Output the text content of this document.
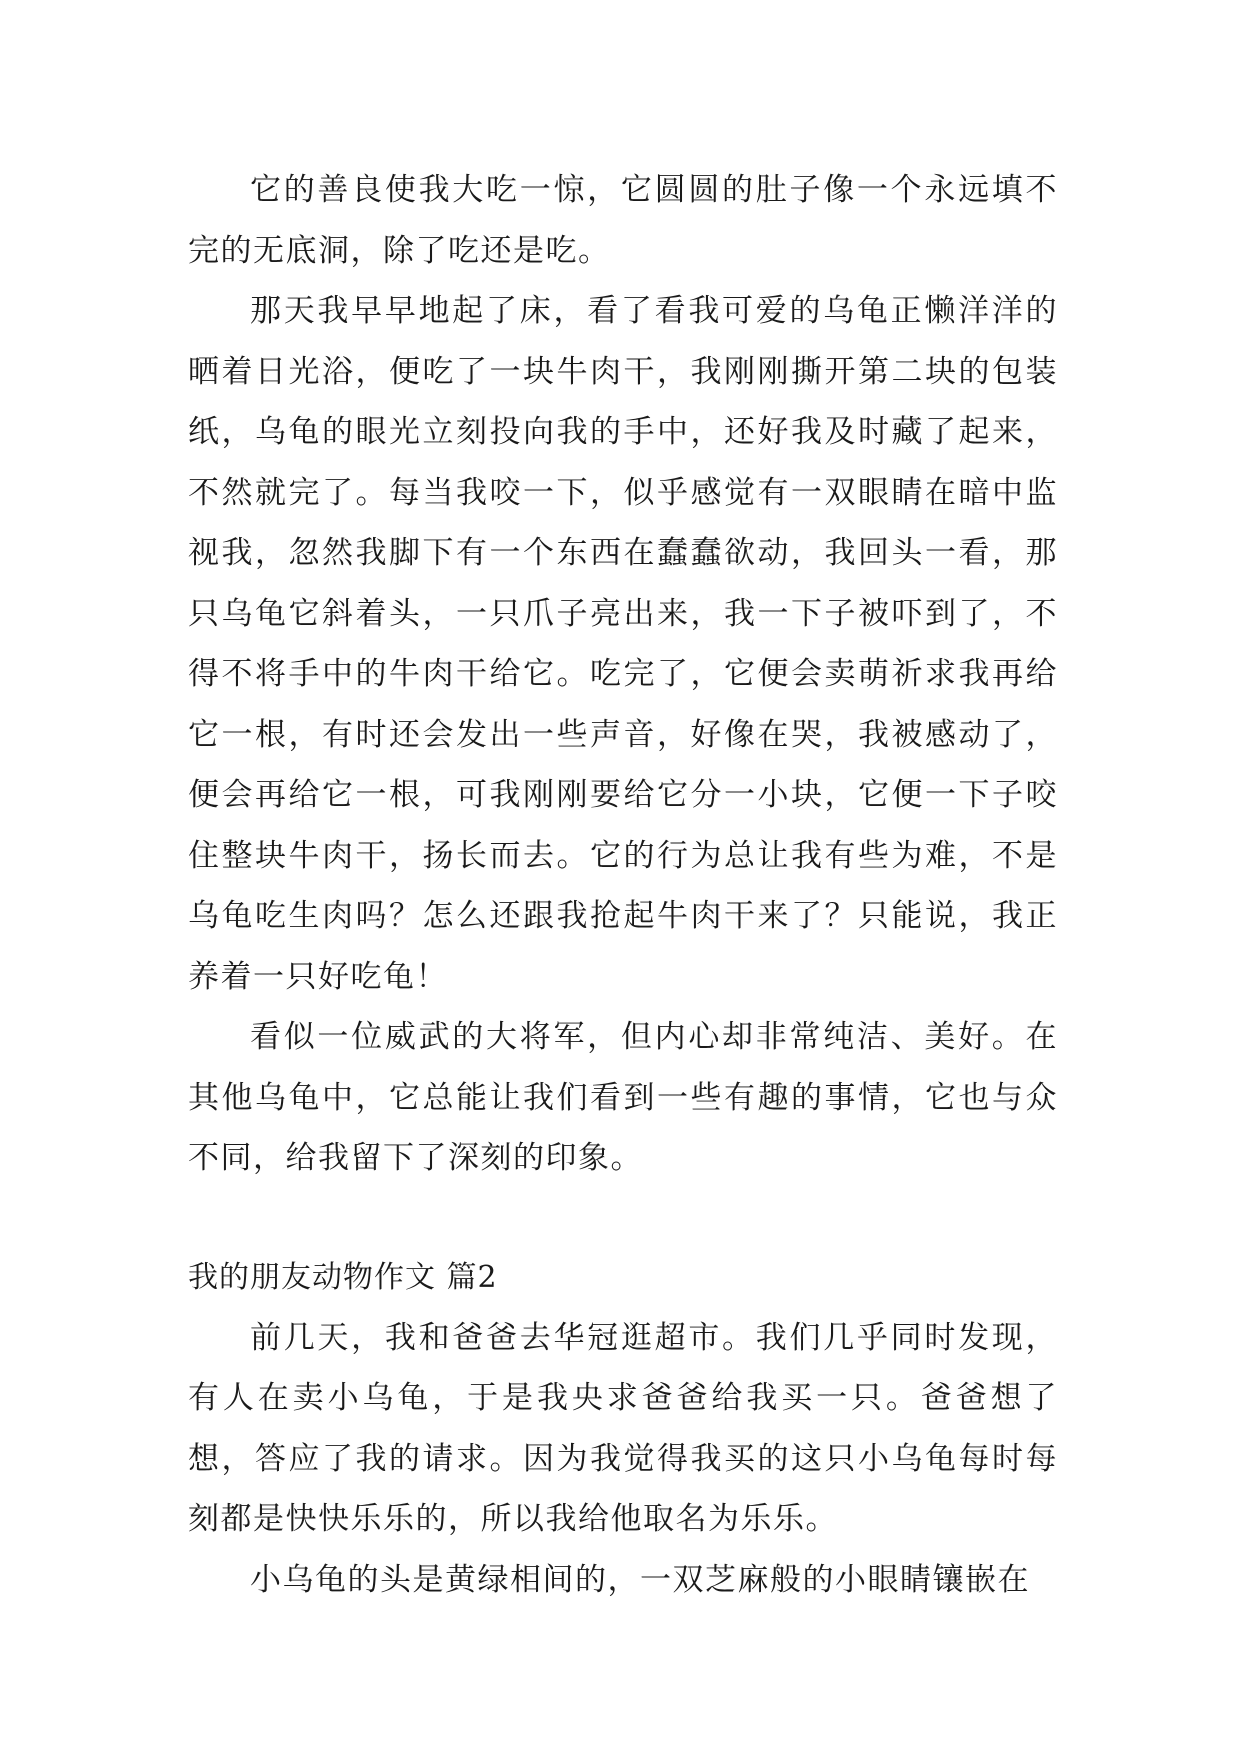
它的善良使我大吃一惊，它圆圆的肚子像一个永远填不完的无底洞，除了吃还是吃。

那天我早早地起了床，看了看我可爱的乌龟正懒洋洋的晒着日光浴，便吃了一块牛肉干，我刚刚撕开第二块的包装纸，乌龟的眼光立刻投向我的手中，还好我及时藏了起来，不然就完了。每当我咬一下，似乎感觉有一双眼睛在暗中监视我，忽然我脚下有一个东西在蠢蠢欲动，我回头一看，那只乌龟它斜着头，一只爪子亮出来，我一下子被吓到了，不得不将手中的牛肉干给它。吃完了，它便会卖萌祈求我再给它一根，有时还会发出一些声音，好像在哭，我被感动了，便会再给它一根，可我刚刚要给它分一小块，它便一下子咬住整块牛肉干，扬长而去。它的行为总让我有些为难，不是乌龟吃生肉吗？怎么还跟我抢起牛肉干来了？只能说，我正养着一只好吃龟！

看似一位威武的大将军，但内心却非常纯洁、美好。在其他乌龟中，它总能让我们看到一些有趣的事情，它也与众不同，给我留下了深刻的印象。

我的朋友动物作文 篇2

前几天，我和爸爸去华冠逛超市。我们几乎同时发现，有人在卖小乌龟，于是我央求爸爸给我买一只。爸爸想了想，答应了我的请求。因为我觉得我买的这只小乌龟每时每刻都是快快乐乐的，所以我给他取名为乐乐。

小乌龟的头是黄绿相间的，一双芝麻般的小眼睛镶嵌在
